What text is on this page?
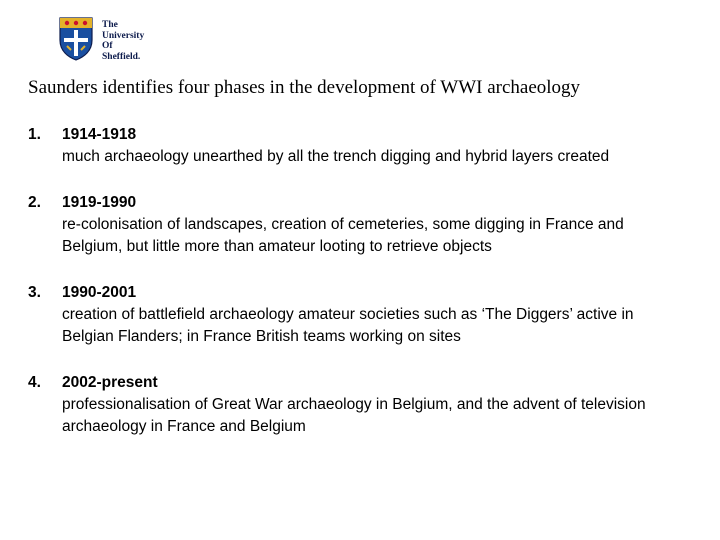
The
University
Of
Sheffield.
Saunders identifies four phases in the development of WWI archaeology
1. 1914-1918
much archaeology unearthed by all the trench digging and hybrid layers created
2. 1919-1990
re-colonisation of landscapes, creation of cemeteries, some digging in France and Belgium, but little more than amateur looting to retrieve objects
3. 1990-2001
creation of battlefield archaeology amateur societies such as ‘The Diggers’ active in Belgian Flanders; in France British teams working on sites
4. 2002-present
professionalisation of Great War archaeology in Belgium, and the advent of television archaeology in France and Belgium
